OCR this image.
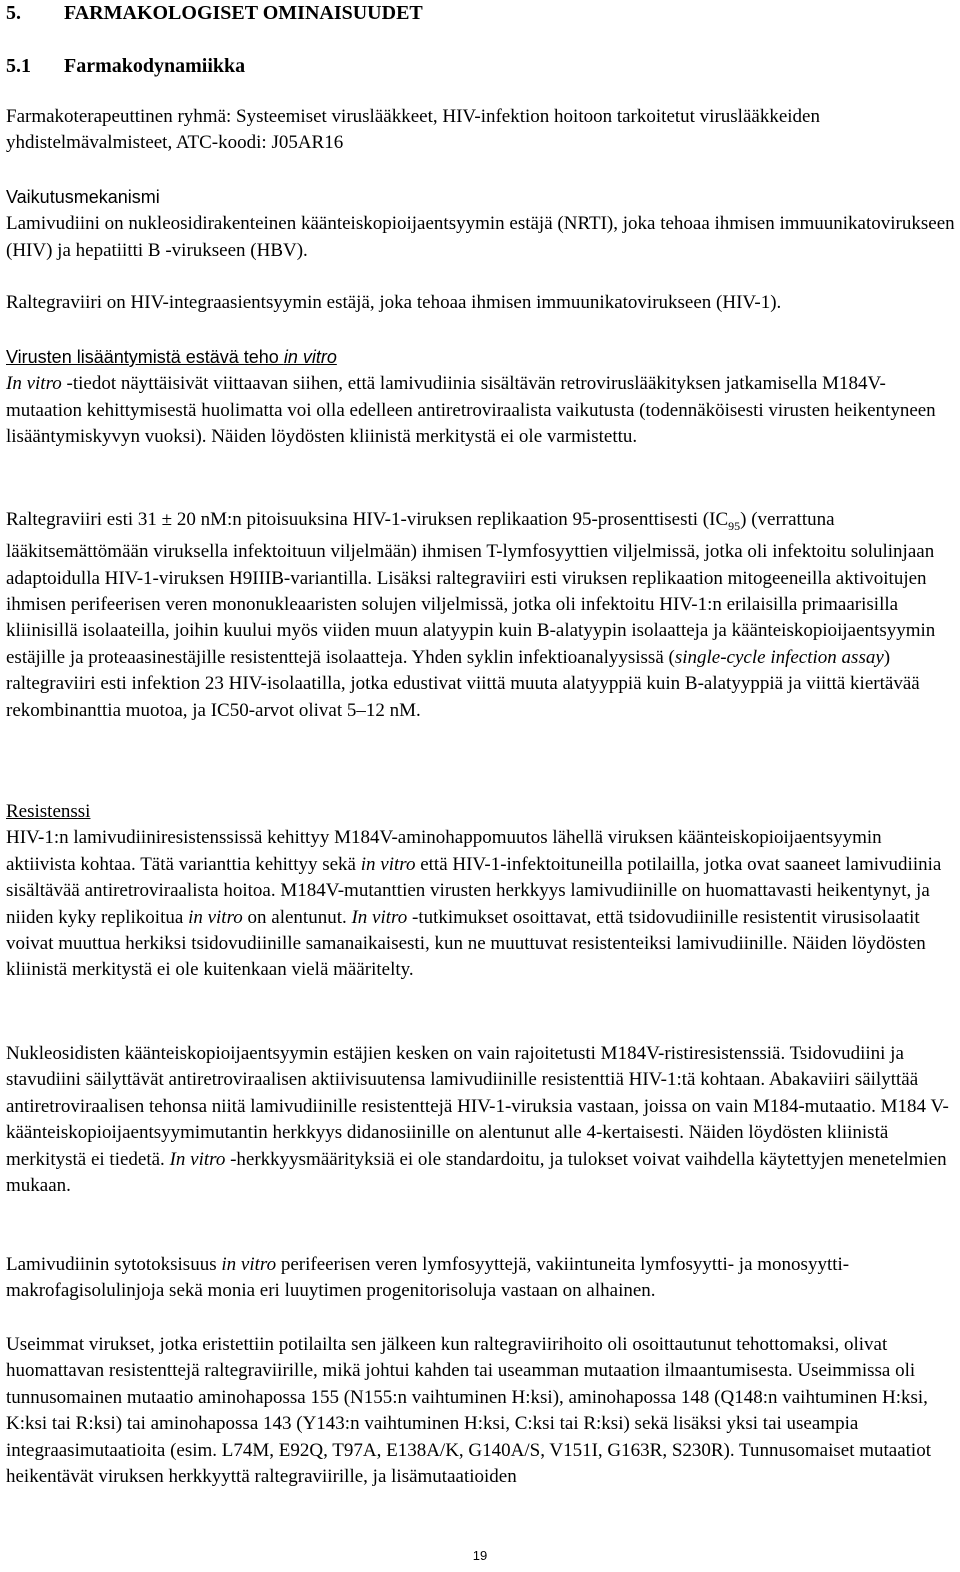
5. FARMAKOLOGISET OMINAISUUDET
5.1 Farmakodynamiikka

Farmakoterapeuttinen ryhmä: Systeemiset viruslääkkeet, HIV-infektion hoitoon tarkoitetut viruslääkkeiden yhdistelmävalmisteet, ATC-koodi: J05AR16

Vaikutusmekanismi
Lamivudiini on nukleosidirakenteinen käänteiskopioijaentsyymin estäjä (NRTI), joka tehoaa ihmisen immuunikatovirukseen (HIV) ja hepatiitti B -virukseen (HBV).

Raltegraviiri on HIV-integraasientsyymin estäjä, joka tehoaa ihmisen immuunikatovirukseen (HIV-1).

Virusten lisääntymistä estävä teho in vitro
In vitro -tiedot näyttäisivät viittaavan siihen, että lamivudiinia sisältävän retroviruslääkityksen jatkamisella M184V-mutaation kehittymisestä huolimatta voi olla edelleen antiretroviraalista vaikutusta (todennäköisesti virusten heikentyneen lisääntymiskyvyn vuoksi). Näiden löydösten kliinistä merkitystä ei ole varmistettu.

Raltegraviiri esti 31 ± 20 nM:n pitoisuuksina HIV-1-viruksen replikaation 95-prosenttisesti $(IC_{95})$ (verrattuna lääkitsemättömään viruksella infektoituun viljelmään) ihmisen T-lymfosyyttien viljelmissä, jotka oli infektoitu solulinjaan adaptoidulla HIV-1-viruksen H9IIIB-variantilla. Lisäksi raltegraviiri esti viruksen replikaation mitogeeneilla aktivoitujen ihmisen perifeerisen veren mononukleaaristen solujen viljelmissä, jotka oli infektoitu HIV-1:n erilaisilla primaarisilla kliinisillä isolaateilla, joihin kuului myös viiden muun alatyypin kuin B-alatyypin isolaatteja ja käänteiskopioijaentsyymin estäjille ja proteaasinestäjille resistenttejä isolaatteja. Yhden syklin infektioanalyysissä (single-cycle infection assay) raltegraviiri esti infektion 23 HIV-isolaatilla, jotka edustivat viittä muuta alatyyppiä kuin B-alatyyppiä ja viittä kiertävää rekombinanttia muotoa, ja IC50-arvot olivat 5–12 nM.

Resistenssi
HIV-1:n lamivudiiniresistenssissä kehittyy M184V-aminohappomuutos lähellä viruksen käänteiskopioijaentsyymin aktiivista kohtaa. Tätä varianttia kehittyy sekä in vitro että HIV-1-infektoituneilla potilailla, jotka ovat saaneet lamivudiinia sisältävää antiretroviraalista hoitoa. M184V-mutanttien virusten herkkyys lamivudiinille on huomattavasti heikentynyt, ja niiden kyky replikoitua in vitro on alentunut. In vitro -tutkimukset osoittavat, että tsidovudiinille resistentit virusisolaatit voivat muuttua herkiksi tsidovudiinille samanaikaisesti, kun ne muuttuvat resistenteiksi lamivudiinille. Näiden löydösten kliinistä merkitystä ei ole kuitenkaan vielä määritelty.

Nukleosidisten käänteiskopioijaentsyymin estäjien kesken on vain rajoitetusti M184V-ristiresistenssiä. Tsidovudiini ja stavudiini säilyttävät antiretroviraalisen aktiivisuutensa lamivudiinille resistenttiä HIV-1:tä kohtaan. Abakaviiri säilyttää antiretroviraalisen tehonsa niitä lamivudiinille resistenttejä HIV-1-viruksia vastaan, joissa on vain M184-mutaatio. M184 V-käänteiskopioijaentsyymimutantin herkkyys didanosiinille on alentunut alle 4-kertaisesti. Näiden löydösten kliinistä merkitystä ei tiedetä. In vitro -herkkyysmäärityksiä ei ole standardoitu, ja tulokset voivat vaihdella käytettyjen menetelmien mukaan.

Lamivudiinin sytotoksisuus in vitro perifeerisen veren lymfosyyttejä, vakiintuneita lymfosyytti- ja monosyytti- makrofagisolulinjoja sekä monia eri luuytimen progenitorisoluja vastaan on alhainen.

Useimmat virukset, jotka eristettiin potilailta sen jälkeen kun raltegraviirihoito oli osoittautunut tehottomaksi, olivat huomattavan resistenttejä raltegraviirille, mikä johtui kahden tai useamman mutaation ilmaantumisesta. Useimmissa oli tunnusomainen mutaatio aminohapossa 155 (N155:n vaihtuminen H:ksi), aminohapossa 148 (Q148:n vaihtuminen H:ksi, K:ksi tai R:ksi) tai aminohapossa 143 (Y143:n vaihtuminen H:ksi, C:ksi tai R:ksi) sekä lisäksi yksi tai useampia integraasimutaatioita (esim. L74M, E92Q, T97A, E138A/K, G140A/S, V151I, G163R, S230R). Tunnusomaiset mutaatiot heikentävät viruksen herkkyyttä raltegraviirille, ja lisämutaatioiden

19
